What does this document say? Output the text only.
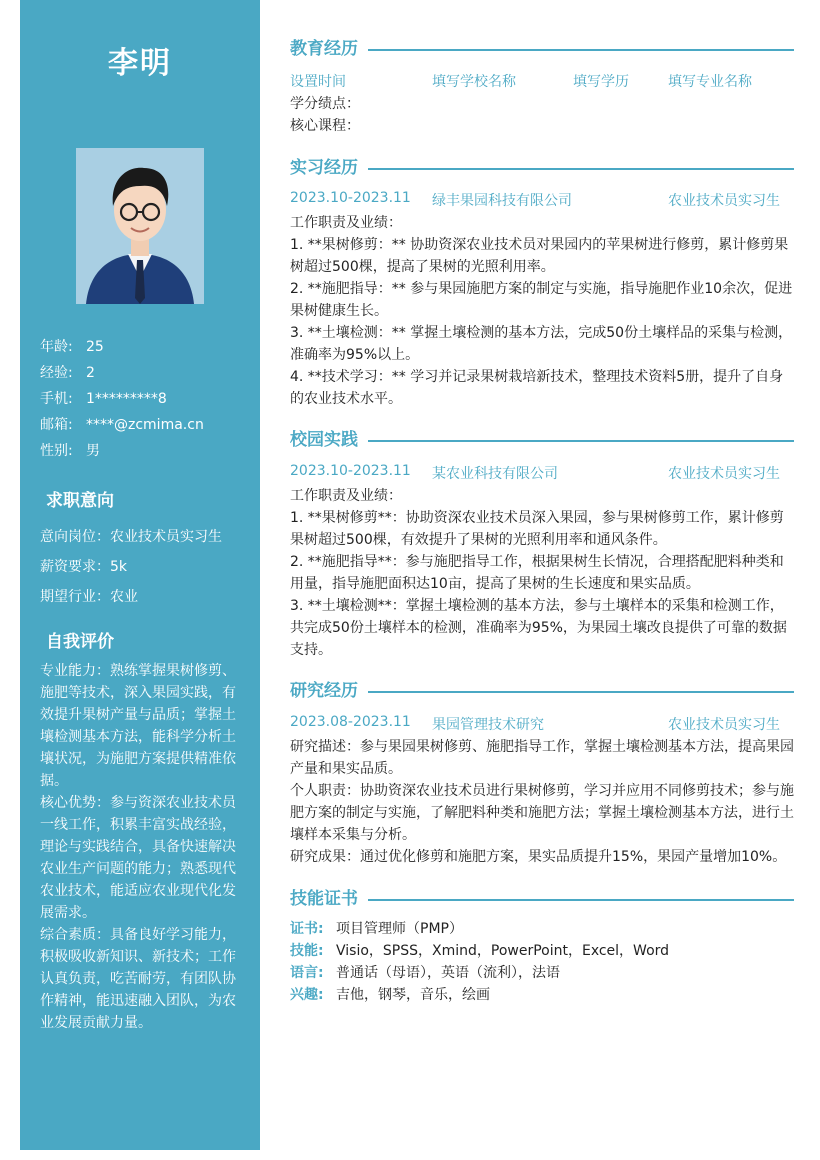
李明
年龄: 25
经验: 2
手机: 1*********8
邮箱: ****@zcmima.cn
性别: 男
求职意向
意向岗位：农业技术员实习生
薪资要求：5k
期望行业：农业
自我评价

专业能力：熟练掌握果树修剪、施肥等技术，深入果园实践，有效提升果树产量与品质；掌握土壤检测基本方法，能科学分析土壤状况，为施肥方案提供精准依据。

核心优势：参与资深农业技术员一线工作，积累丰富实战经验，理论与实践结合，具备快速解决农业生产问题的能力；熟悉现代农业技术，能适应农业现代化发展需求。

综合素质：具备良好学习能力，积极吸收新知识、新技术；工作认真负责，吃苦耐劳，有团队协作精神，能迅速融入团队，为农业发展贡献力量。

教育经历
设置时间	填写学校名称	填写学历	填写专业名称

学分绩点：

核心课程：

实习经历
2023.10-2023.11 绿丰果园科技有限公司	农业技术员实习生

工作职责及业绩：

1. **果树修剪：** 协助资深农业技术员对果园内的苹果树进行修剪，累计修剪果树超过500棵，提高了果树的光照利用率。

2. **施肥指导：** 参与果园施肥方案的制定与实施，指导施肥作业10余次，促进果树健康生长。

3. **土壤检测：** 掌握土壤检测的基本方法，完成50份土壤样品的采集与检测，准确率为95%以上。

4. **技术学习：** 学习并记录果树栽培新技术，整理技术资料5册，提升了自身的农业技术水平。

校园实践
2023.10-2023.11 某农业科技有限公司	农业技术员实习生

工作职责及业绩：

1. **果树修剪**：协助资深农业技术员深入果园，参与果树修剪工作，累计修剪果树超过500棵，有效提升了果树的光照利用率和通风条件。

2. **施肥指导**：参与施肥指导工作，根据果树生长情况，合理搭配肥料种类和用量，指导施肥面积达10亩，提高了果树的生长速度和果实品质。

3. **土壤检测**：掌握土壤检测的基本方法，参与土壤样本的采集和检测工作，共完成50份土壤样本的检测，准确率为95%，为果园土壤改良提供了可靠的数据支持。

研究经历
2023.08-2023.11 果园管理技术研究	农业技术员实习生

研究描述：参与果园果树修剪、施肥指导工作，掌握土壤检测基本方法，提高果园产量和果实品质。

个人职责：协助资深农业技术员进行果树修剪，学习并应用不同修剪技术；参与施肥方案的制定与实施，了解肥料种类和施肥方法；掌握土壤检测基本方法，进行土壤样本采集与分析。

研究成果：通过优化修剪和施肥方案，果实品质提升15%，果园产量增加10%。

技能证书
证书: 项目管理师（PMP）
技能: Visio，SPSS，Xmind，PowerPoint，Excel，Word
语言: 普通话（母语），英语（流利），法语
兴趣: 吉他，钢琴，音乐，绘画
